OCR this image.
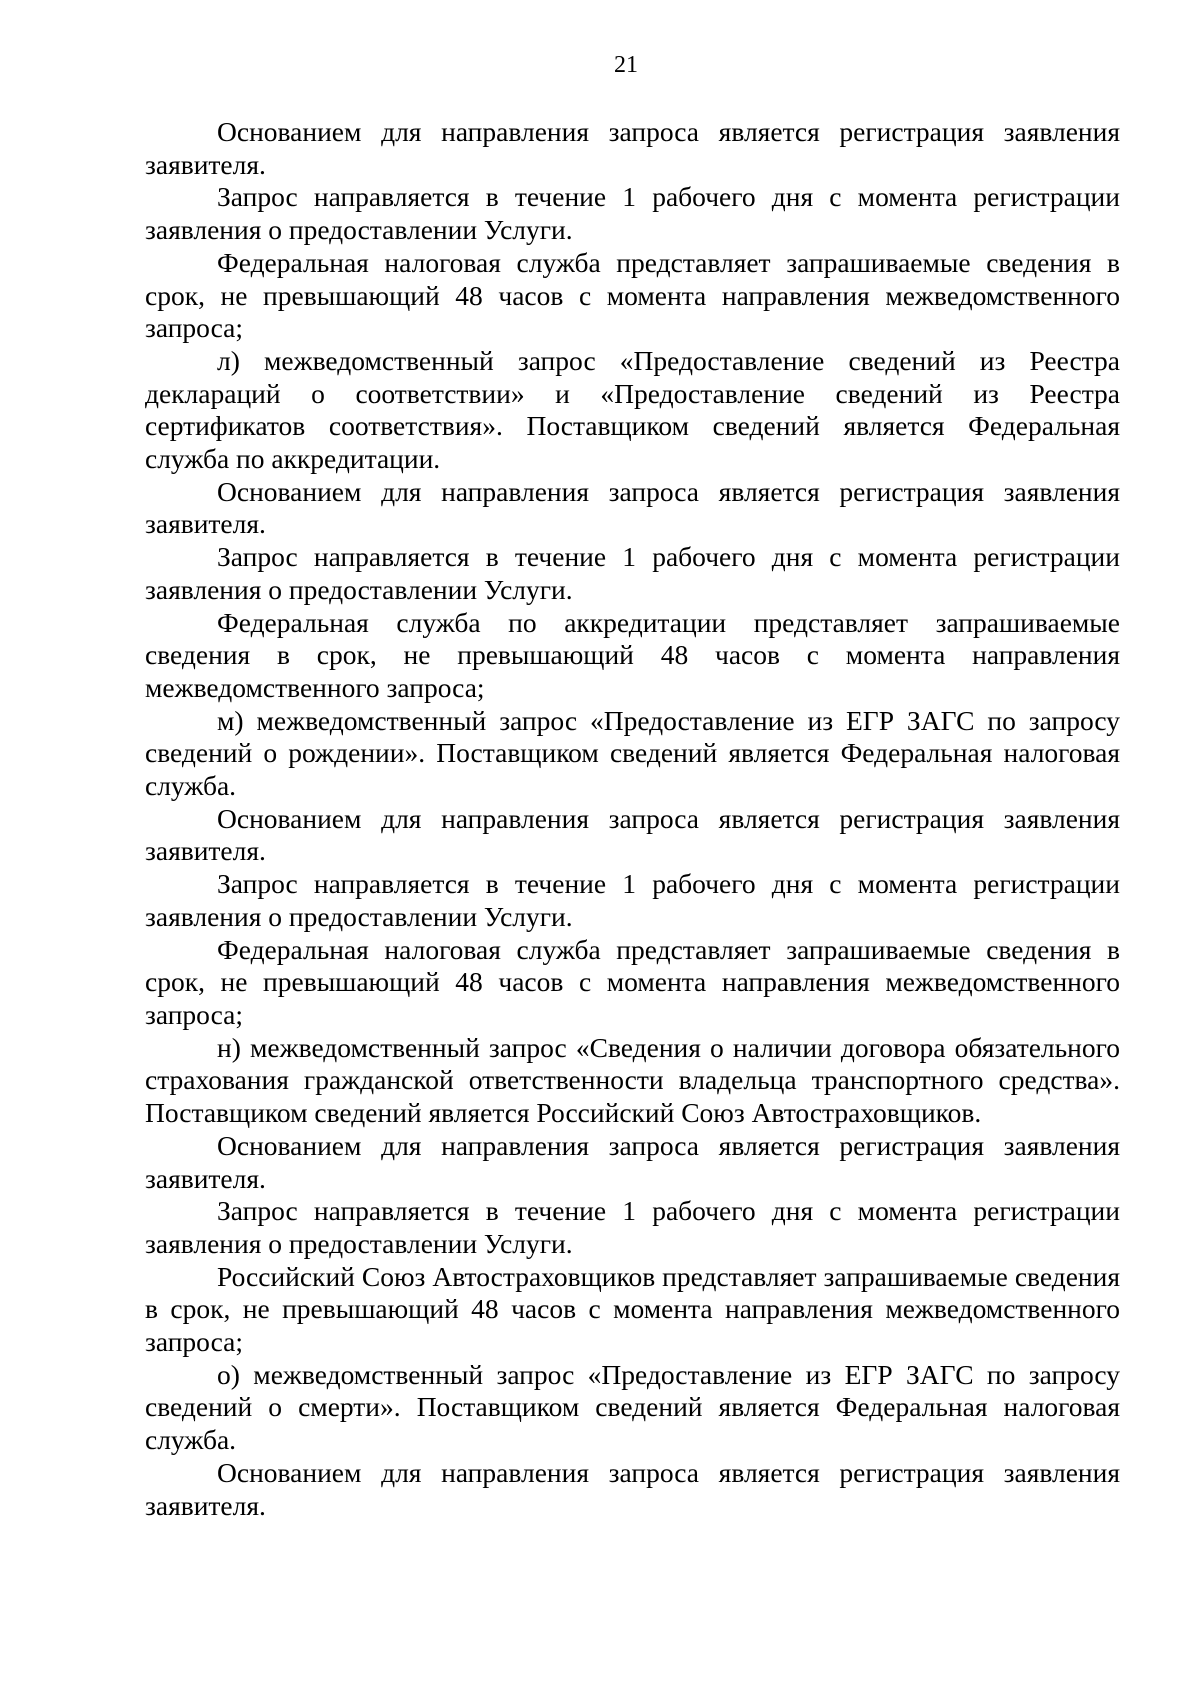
21

Основанием для направления запроса является регистрация заявления заявителя.

Запрос направляется в течение 1 рабочего дня с момента регистрации заявления о предоставлении Услуги.

Федеральная налоговая служба представляет запрашиваемые сведения в срок, не превышающий 48 часов с момента направления межведомственного запроса;

л) межведомственный запрос «Предоставление сведений из Реестра деклараций о соответствии» и «Предоставление сведений из Реестра сертификатов соответствия». Поставщиком сведений является Федеральная служба по аккредитации.

Основанием для направления запроса является регистрация заявления заявителя.

Запрос направляется в течение 1 рабочего дня с момента регистрации заявления о предоставлении Услуги.

Федеральная служба по аккредитации представляет запрашиваемые сведения в срок, не превышающий 48 часов с момента направления межведомственного запроса;

м) межведомственный запрос «Предоставление из ЕГР ЗАГС по запросу сведений о рождении». Поставщиком сведений является Федеральная налоговая служба.

Основанием для направления запроса является регистрация заявления заявителя.

Запрос направляется в течение 1 рабочего дня с момента регистрации заявления о предоставлении Услуги.

Федеральная налоговая служба представляет запрашиваемые сведения в срок, не превышающий 48 часов с момента направления межведомственного запроса;

н) межведомственный запрос «Сведения о наличии договора обязательного страхования гражданской ответственности владельца транспортного средства». Поставщиком сведений является Российский Союз Автостраховщиков.

Основанием для направления запроса является регистрация заявления заявителя.

Запрос направляется в течение 1 рабочего дня с момента регистрации заявления о предоставлении Услуги.

Российский Союз Автостраховщиков представляет запрашиваемые сведения в срок, не превышающий 48 часов с момента направления межведомственного запроса;

о) межведомственный запрос «Предоставление из ЕГР ЗАГС по запросу сведений о смерти». Поставщиком сведений является Федеральная налоговая служба.

Основанием для направления запроса является регистрация заявления заявителя.
